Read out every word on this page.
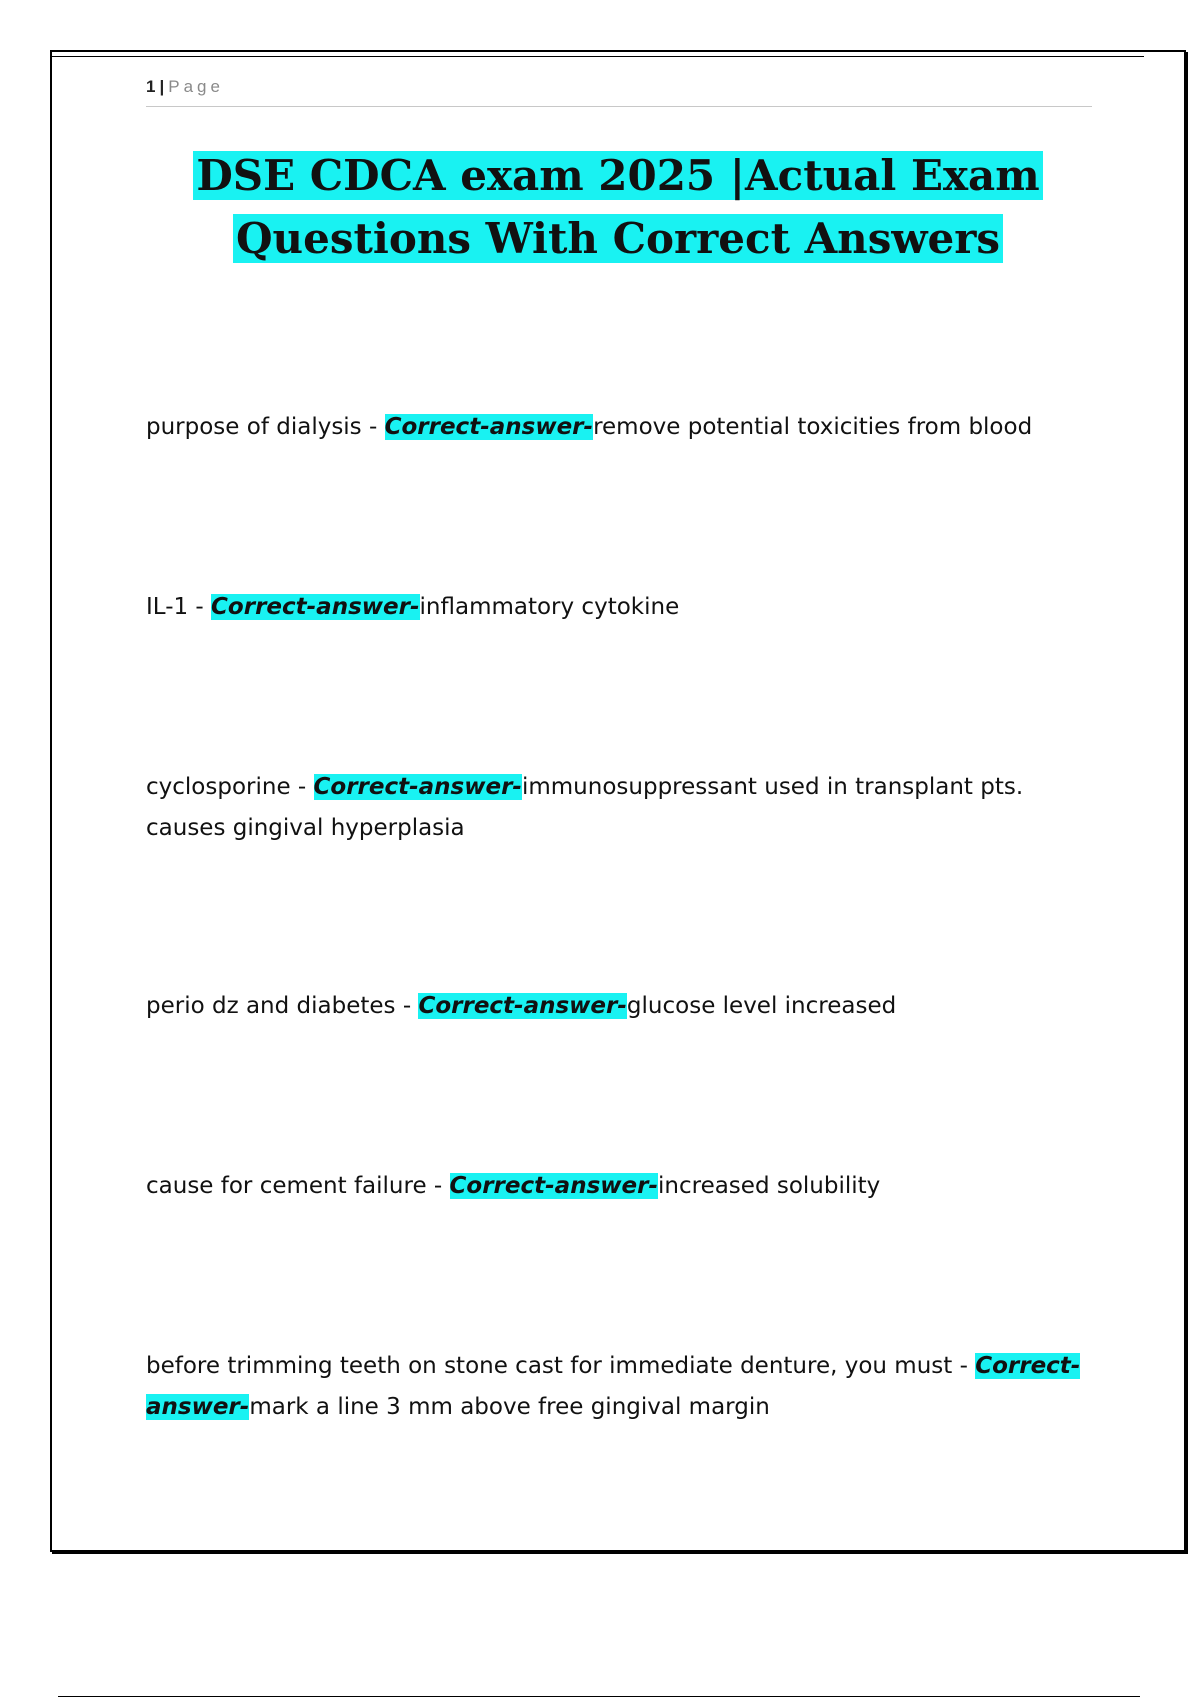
1 | Page
DSE CDCA exam 2025 |Actual Exam Questions With Correct Answers

purpose of dialysis - Correct-answer-remove potential toxicities from blood

IL-1 - Correct-answer-inflammatory cytokine

cyclosporine - Correct-answer-immunosuppressant used in transplant pts. causes gingival hyperplasia

perio dz and diabetes - Correct-answer-glucose level increased

cause for cement failure - Correct-answer-increased solubility

before trimming teeth on stone cast for immediate denture, you must - Correct-answer-mark a line 3 mm above free gingival margin
